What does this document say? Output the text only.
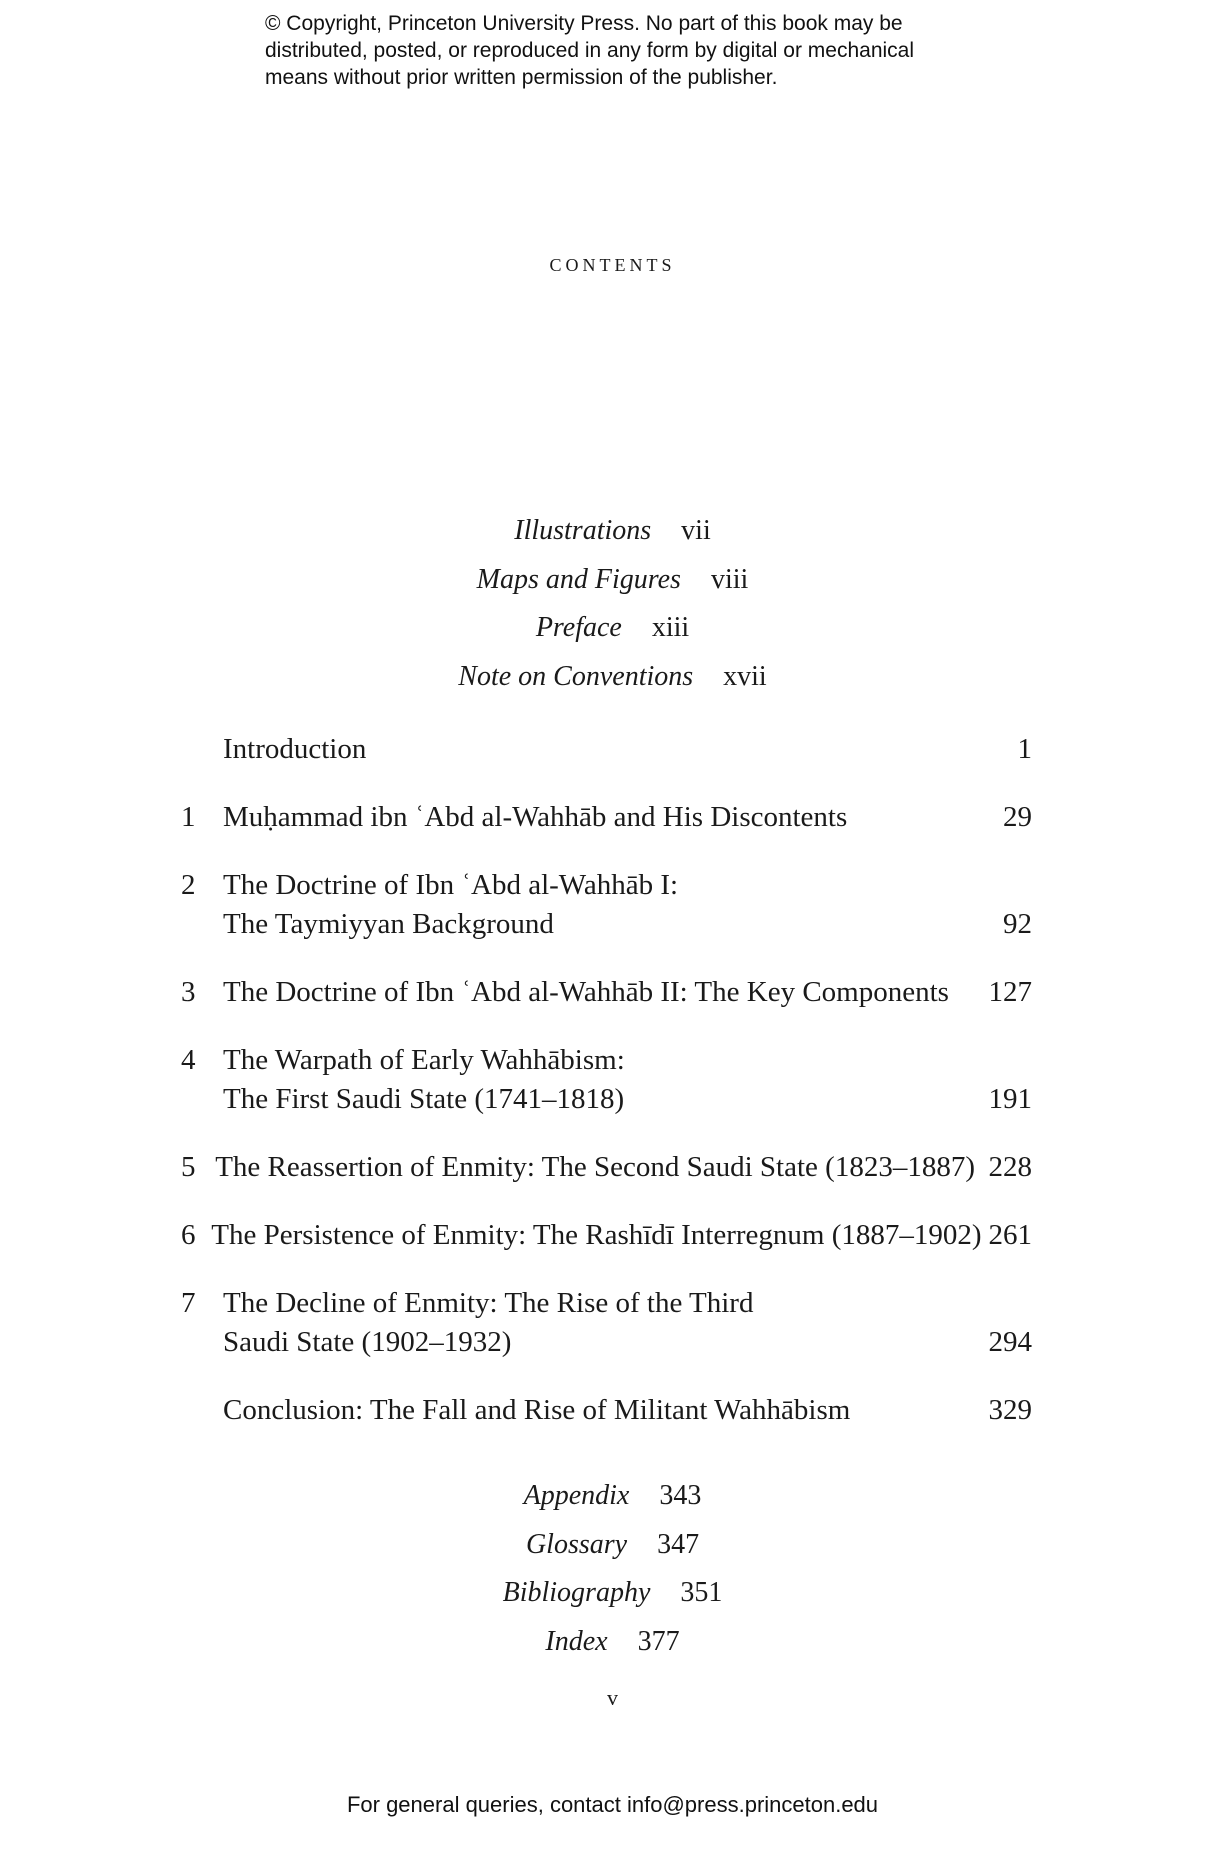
© Copyright, Princeton University Press. No part of this book may be
distributed, posted, or reproduced in any form by digital or mechanical
means without prior written permission of the publisher.
contents
Illustrations vii
Maps and Figures viii
Preface xiii
Note on Conventions xvii
Introduction	1
1 Muḥammad ibn ʿAbd al-Wahhāb and His Discontents	29
2 The Doctrine of Ibn ʿAbd al-Wahhāb I:
The Taymiyyan Background	92
3 The Doctrine of Ibn ʿAbd al-Wahhāb II: The Key Components	127
4 The Warpath of Early Wahhābism:
The First Saudi State (1741–1818)	191
5 The Reassertion of Enmity: The Second Saudi State (1823–1887) 228
6 The Persistence of Enmity: The Rashīdī Interregnum (1887–1902) 261
7 The Decline of Enmity: The Rise of the Third
Saudi State (1902–1932)	294
Conclusion: The Fall and Rise of Militant Wahhābism	329
Appendix 343
Glossary 347
Bibliography 351
Index 377
v
For general queries, contact info@press.princeton.edu
